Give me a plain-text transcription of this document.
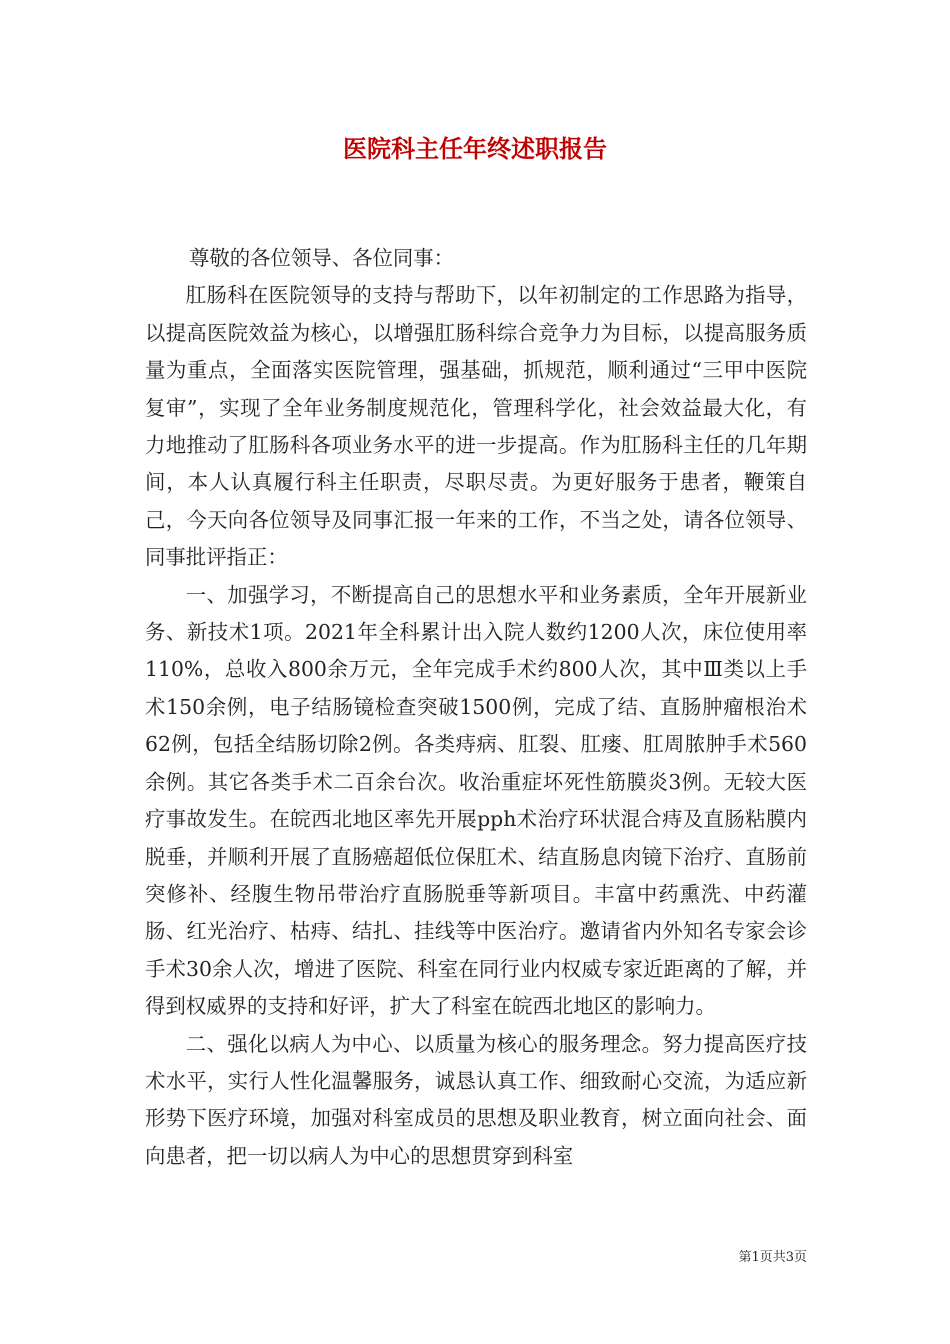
医院科主任年终述职报告
尊敬的各位领导、各位同事：

肛肠科在医院领导的支持与帮助下，以年初制定的工作思路为指导，以提高医院效益为核心，以增强肛肠科综合竞争力为目标，以提高服务质量为重点，全面落实医院管理，强基础，抓规范，顺利通过“三甲中医院复审”，实现了全年业务制度规范化，管理科学化，社会效益最大化，有力地推动了肛肠科各项业务水平的进一步提高。作为肛肠科主任的几年期间，本人认真履行科主任职责，尽职尽责。为更好服务于患者，鞭策自己，今天向各位领导及同事汇报一年来的工作，不当之处，请各位领导、同事批评指正：

一、加强学习，不断提高自己的思想水平和业务素质，全年开展新业务、新技术1项。2021年全科累计出入院人数约1200人次，床位使用率110%，总收入800余万元，全年完成手术约800人次，其中Ⅲ类以上手术150余例，电子结肠镜检查突破1500例，完成了结、直肠肿瘤根治术62例，包括全结肠切除2例。各类痔病、肛裂、肛瘘、肛周脓肿手术560余例。其它各类手术二百余台次。收治重症坏死性筋膜炎3例。无较大医疗事故发生。在皖西北地区率先开展pph术治疗环状混合痔及直肠粘膜内脱垂，并顺利开展了直肠癌超低位保肛术、结直肠息肉镜下治疗、直肠前突修补、经腹生物吊带治疗直肠脱垂等新项目。丰富中药熏洗、中药灌肠、红光治疗、枯痔、结扎、挂线等中医治疗。邀请省内外知名专家会诊手术30余人次，增进了医院、科室在同行业内权威专家近距离的了解，并得到权威界的支持和好评，扩大了科室在皖西北地区的影响力。

二、强化以病人为中心、以质量为核心的服务理念。努力提高医疗技术水平，实行人性化温馨服务，诚恳认真工作、细致耐心交流，为适应新形势下医疗环境，加强对科室成员的思想及职业教育，树立面向社会、面向患者，把一切以病人为中心的思想贯穿到科室

第1页共3页
